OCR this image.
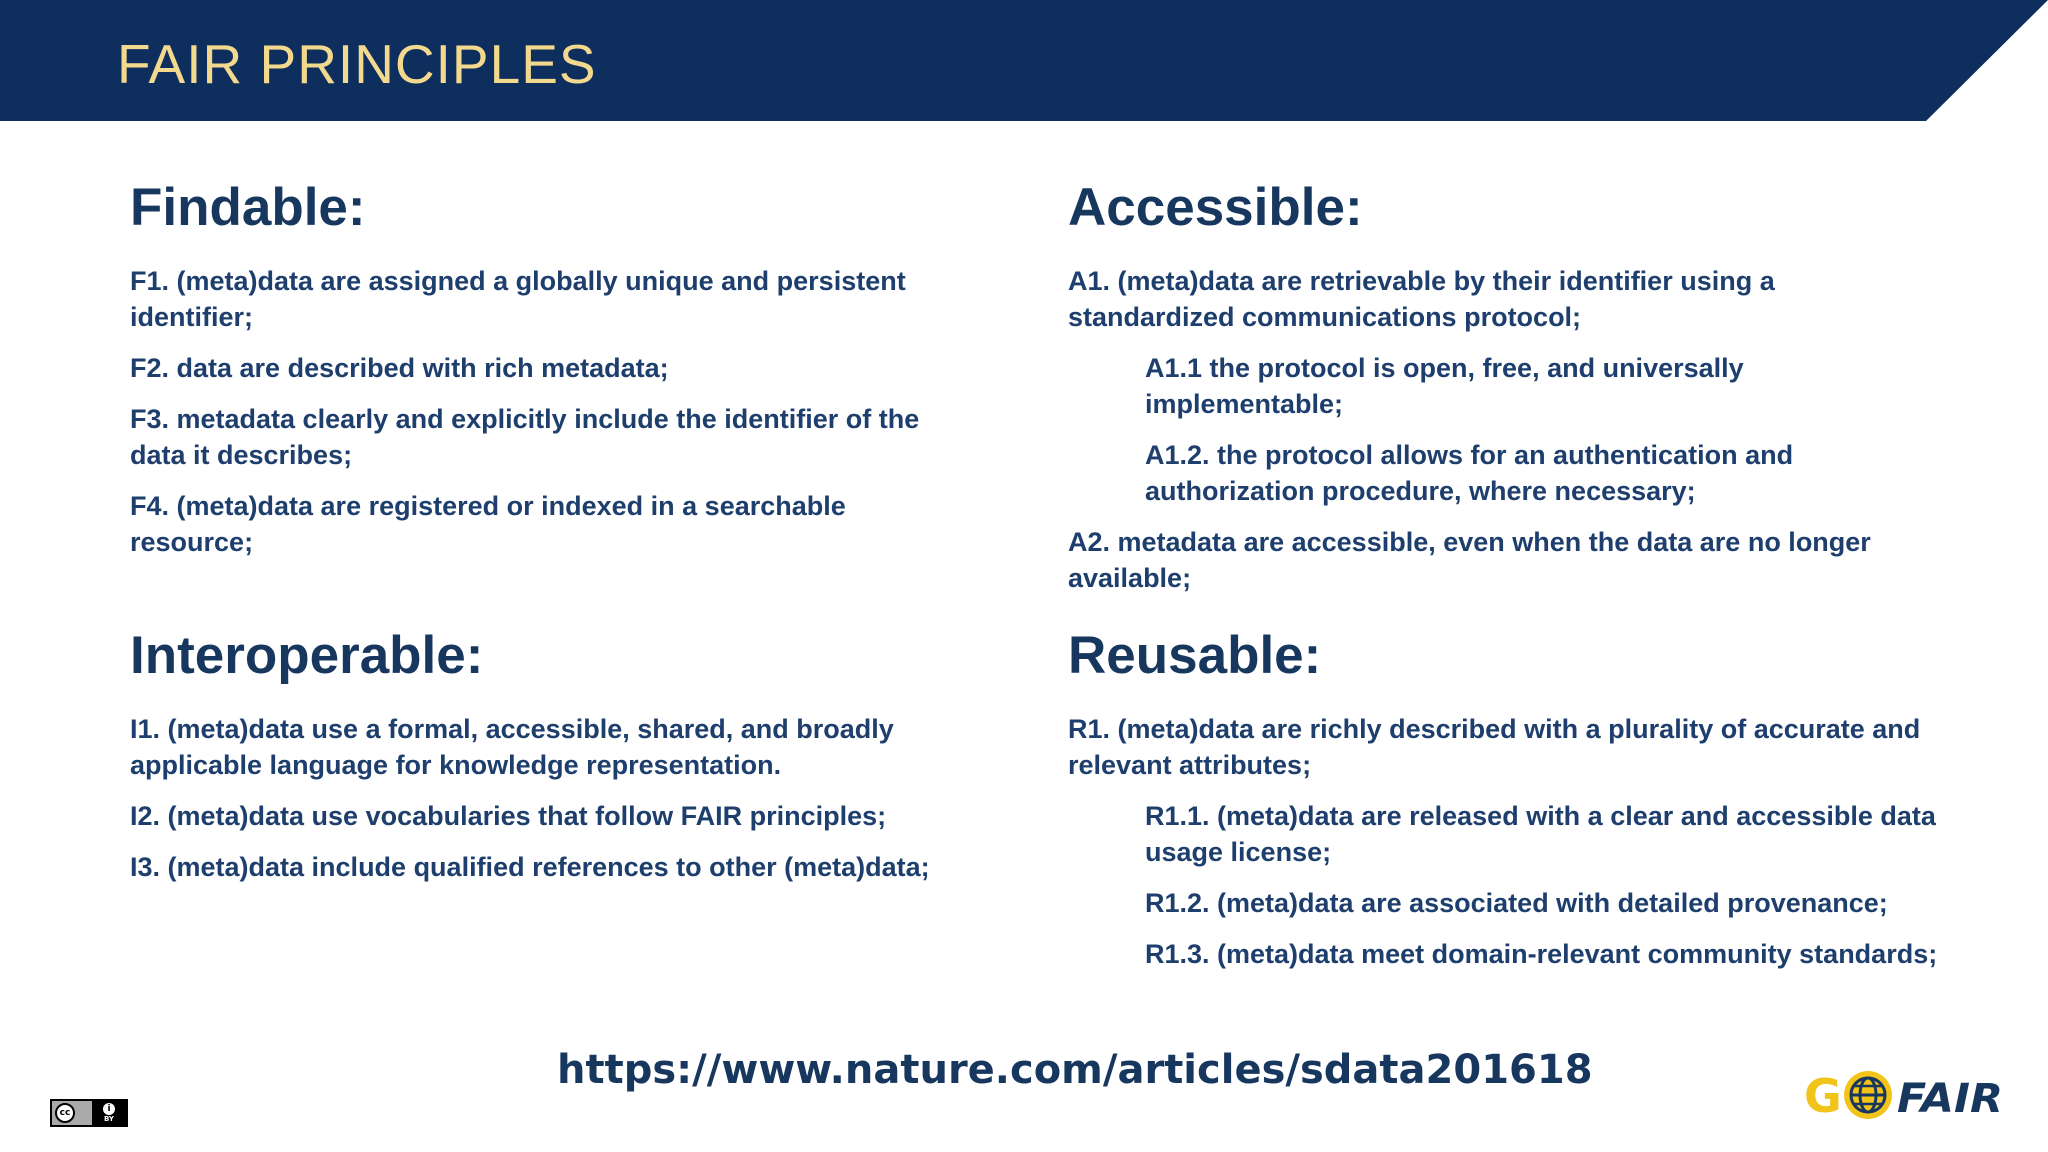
FAIR PRINCIPLES
Findable:
F1. (meta)data are assigned a globally unique and persistent identifier;
F2. data are described with rich metadata;
F3. metadata clearly and explicitly include the identifier of the data it describes;
F4. (meta)data are registered or indexed in a searchable resource;
Accessible:
A1. (meta)data are retrievable by their identifier using a standardized communications protocol;
A1.1 the protocol is open, free, and universally implementable;
A1.2. the protocol allows for an authentication and authorization procedure, where necessary;
A2. metadata are accessible, even when the data are no longer available;
Interoperable:
I1. (meta)data use a formal, accessible, shared, and broadly applicable language for knowledge representation.
I2. (meta)data use vocabularies that follow FAIR principles;
I3. (meta)data include qualified references to other (meta)data;
Reusable:
R1. (meta)data are richly described with a plurality of accurate and relevant attributes;
R1.1. (meta)data are released with a clear and accessible data usage license;
R1.2. (meta)data are associated with detailed provenance;
R1.3. (meta)data meet domain-relevant community standards;
https://www.nature.com/articles/sdata201618
cc	i
BY	G FAIR
